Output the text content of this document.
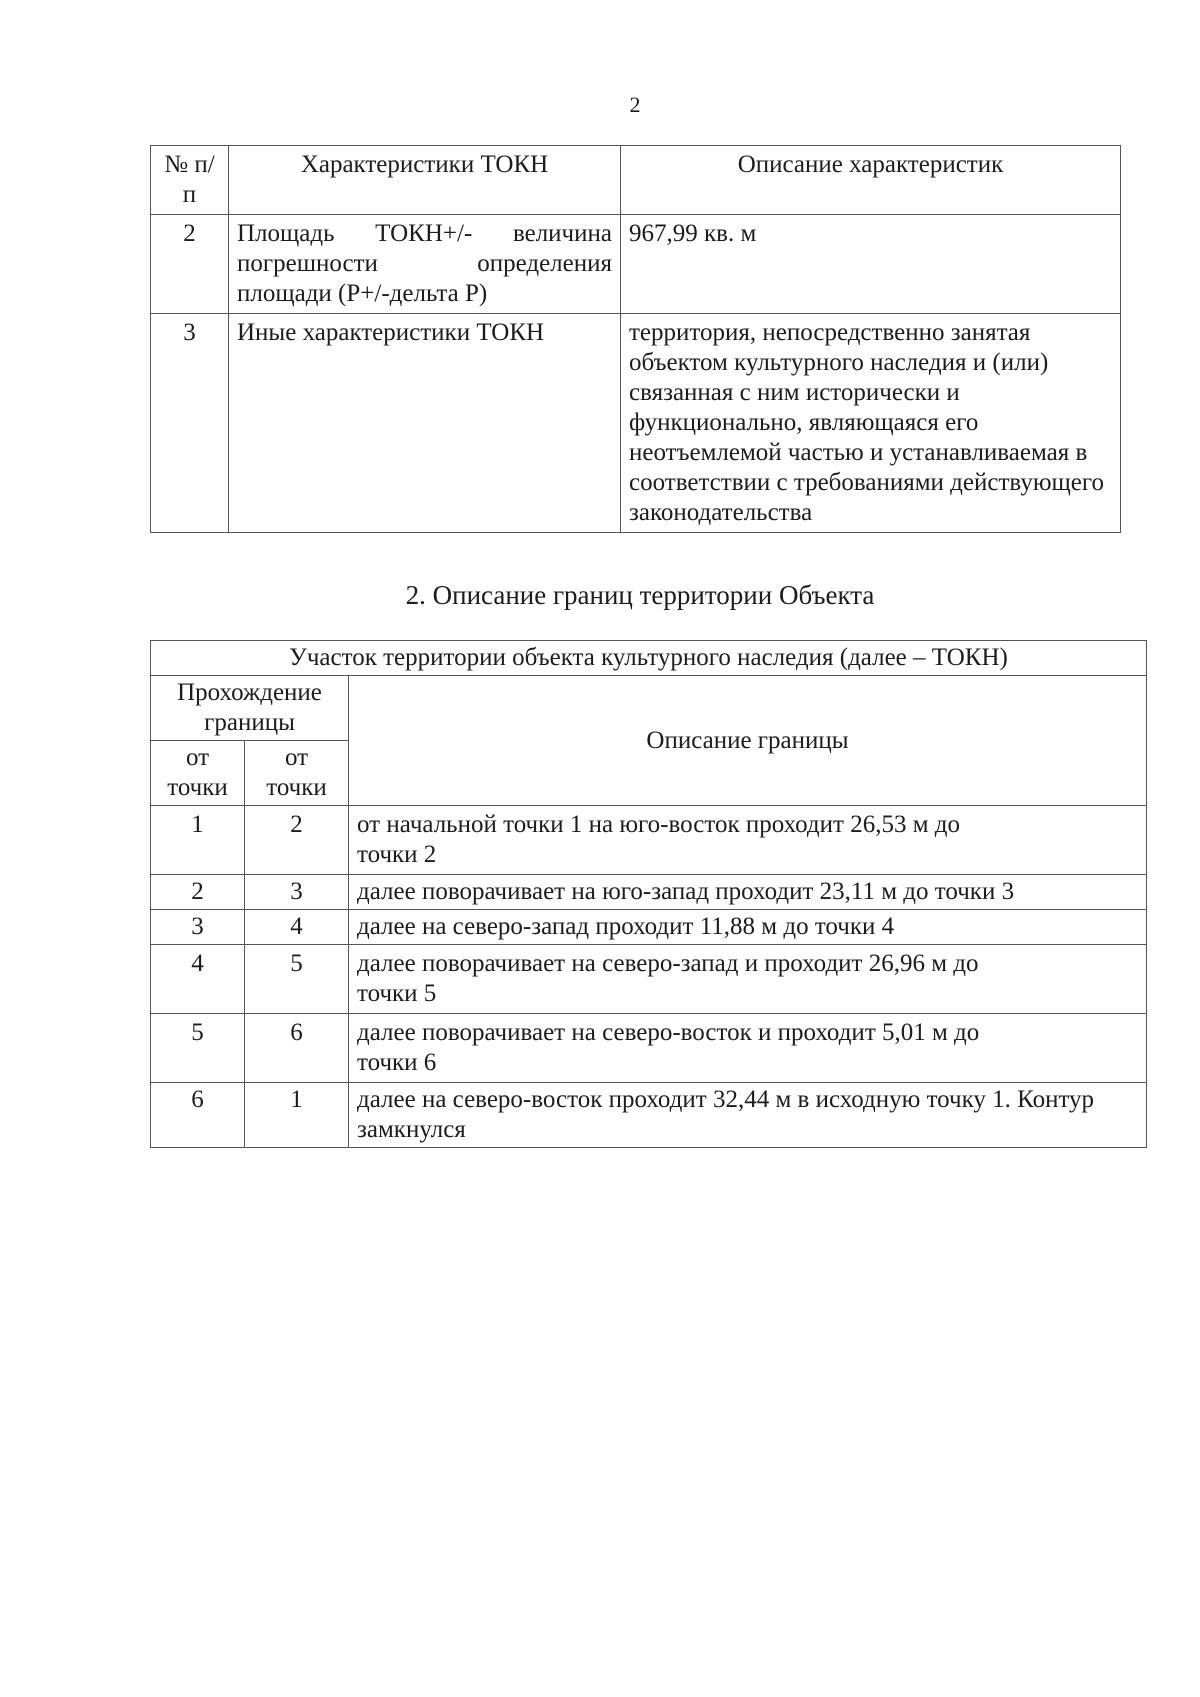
2
№ п/п	Характеристики ТОКН	Описание характеристик
2	Площадь ТОКН+/- величина погрешности определения площади (Р+/-дельта Р)	967,99 кв. м
3	Иные характеристики ТОКН	территория, непосредственно занятая объектом культурного наследия и (или) связанная с ним исторически и функционально, являющаяся его неотъемлемой частью и устанавливаемая в соответствии с требованиями действующего законодательства
2. Описание границ территории Объекта
Участок территории объекта культурного наследия (далее – ТОКН)		
Прохождение границы		Описание границы
от точки	от точки	
1	2	от начальной точки 1 на юго-восток проходит 26,53 м до точки 2
2	3	далее поворачивает на юго-запад проходит 23,11 м до точки 3
3	4	далее на северо-запад проходит 11,88 м до точки 4
4	5	далее поворачивает на северо-запад и проходит 26,96 м до точки 5
5	6	далее поворачивает на северо-восток и проходит 5,01 м до точки 6
6	1	далее на северо-восток проходит 32,44 м в исходную точку 1. Контур замкнулся
